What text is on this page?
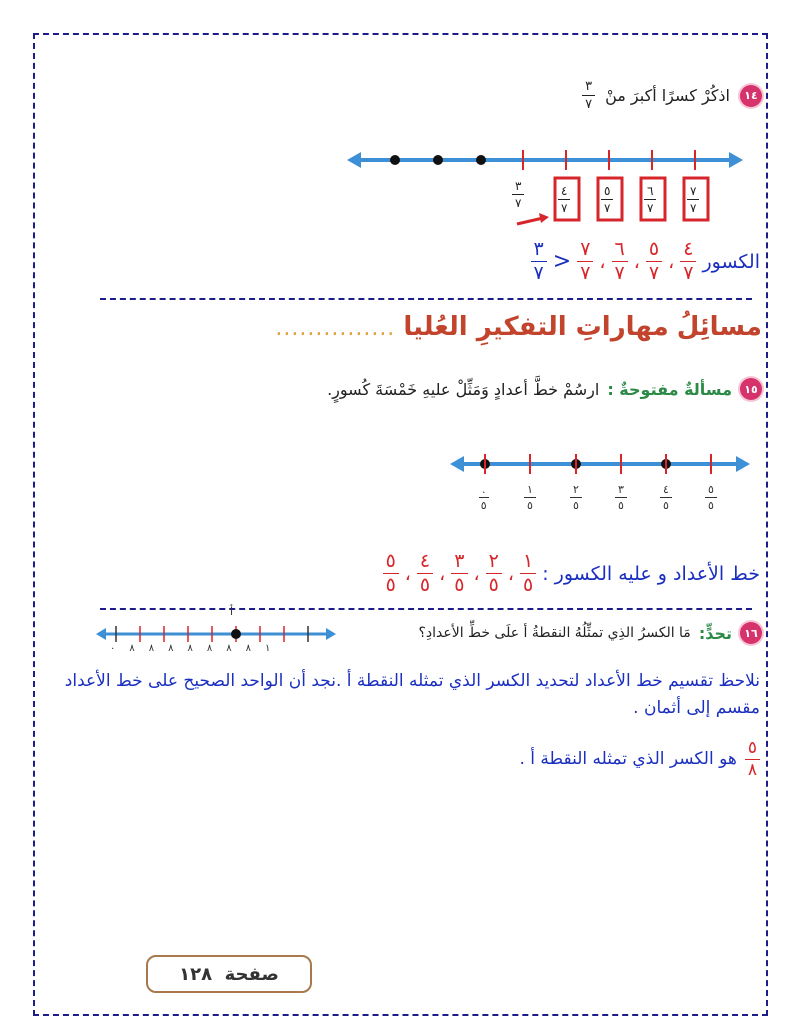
١٤
اذكُرْ كسرًا أكبرَ منْ
$\frac{٣}{٧}$
$\frac{٣}{٧}$	$\frac{٤}{٧}$	$\frac{٥}{٧}$	$\frac{٦}{٧}$	$\frac{٧}{٧}$
الكسور
$\frac{٤}{٧}$
،
$\frac{٥}{٧}$
،
$\frac{٦}{٧}$
،
$\frac{٧}{٧}$
<
$\frac{٣}{٧}$
مسائِلُ
مهاراتِ التفكيرِ العُليا
...............
١٥
مسألةٌ مفتوحةٌ :
ارسُمْ خطَّ أعدادٍ وَمَثِّلْ عليهِ خَمْسَةَ كُسورٍ.
$\frac{.}{٥}$	$\frac{١}{٥}$	$\frac{٢}{٥}$	$\frac{٣}{٥}$	$\frac{٤}{٥}$	$\frac{٥}{٥}$
خط الأعداد و عليه الكسور :
$\frac{١}{٥}$
،
$\frac{٢}{٥}$
،
$\frac{٣}{٥}$
،
$\frac{٤}{٥}$
،
$\frac{٥}{٥}$
١٦
تحدٍّ:
مَا الكسرُ الذِي تمثِّلُهُ النقطةُ أ علَى خطِّ الأعدادِ؟
أ
٠ ٨ ٨ ٨ ٨ ٨ ٨ ٨ ١
نلاحظ تقسيم خط الأعداد لتحديد الكسر الذي تمثله النقطة أ .نجد أن الواحد الصحيح على خط الأعداد مقسم إلى أثمان .
$\frac{٥}{٨}$
هو الكسر الذي تمثله النقطة أ .
صفحة

١٢٨
